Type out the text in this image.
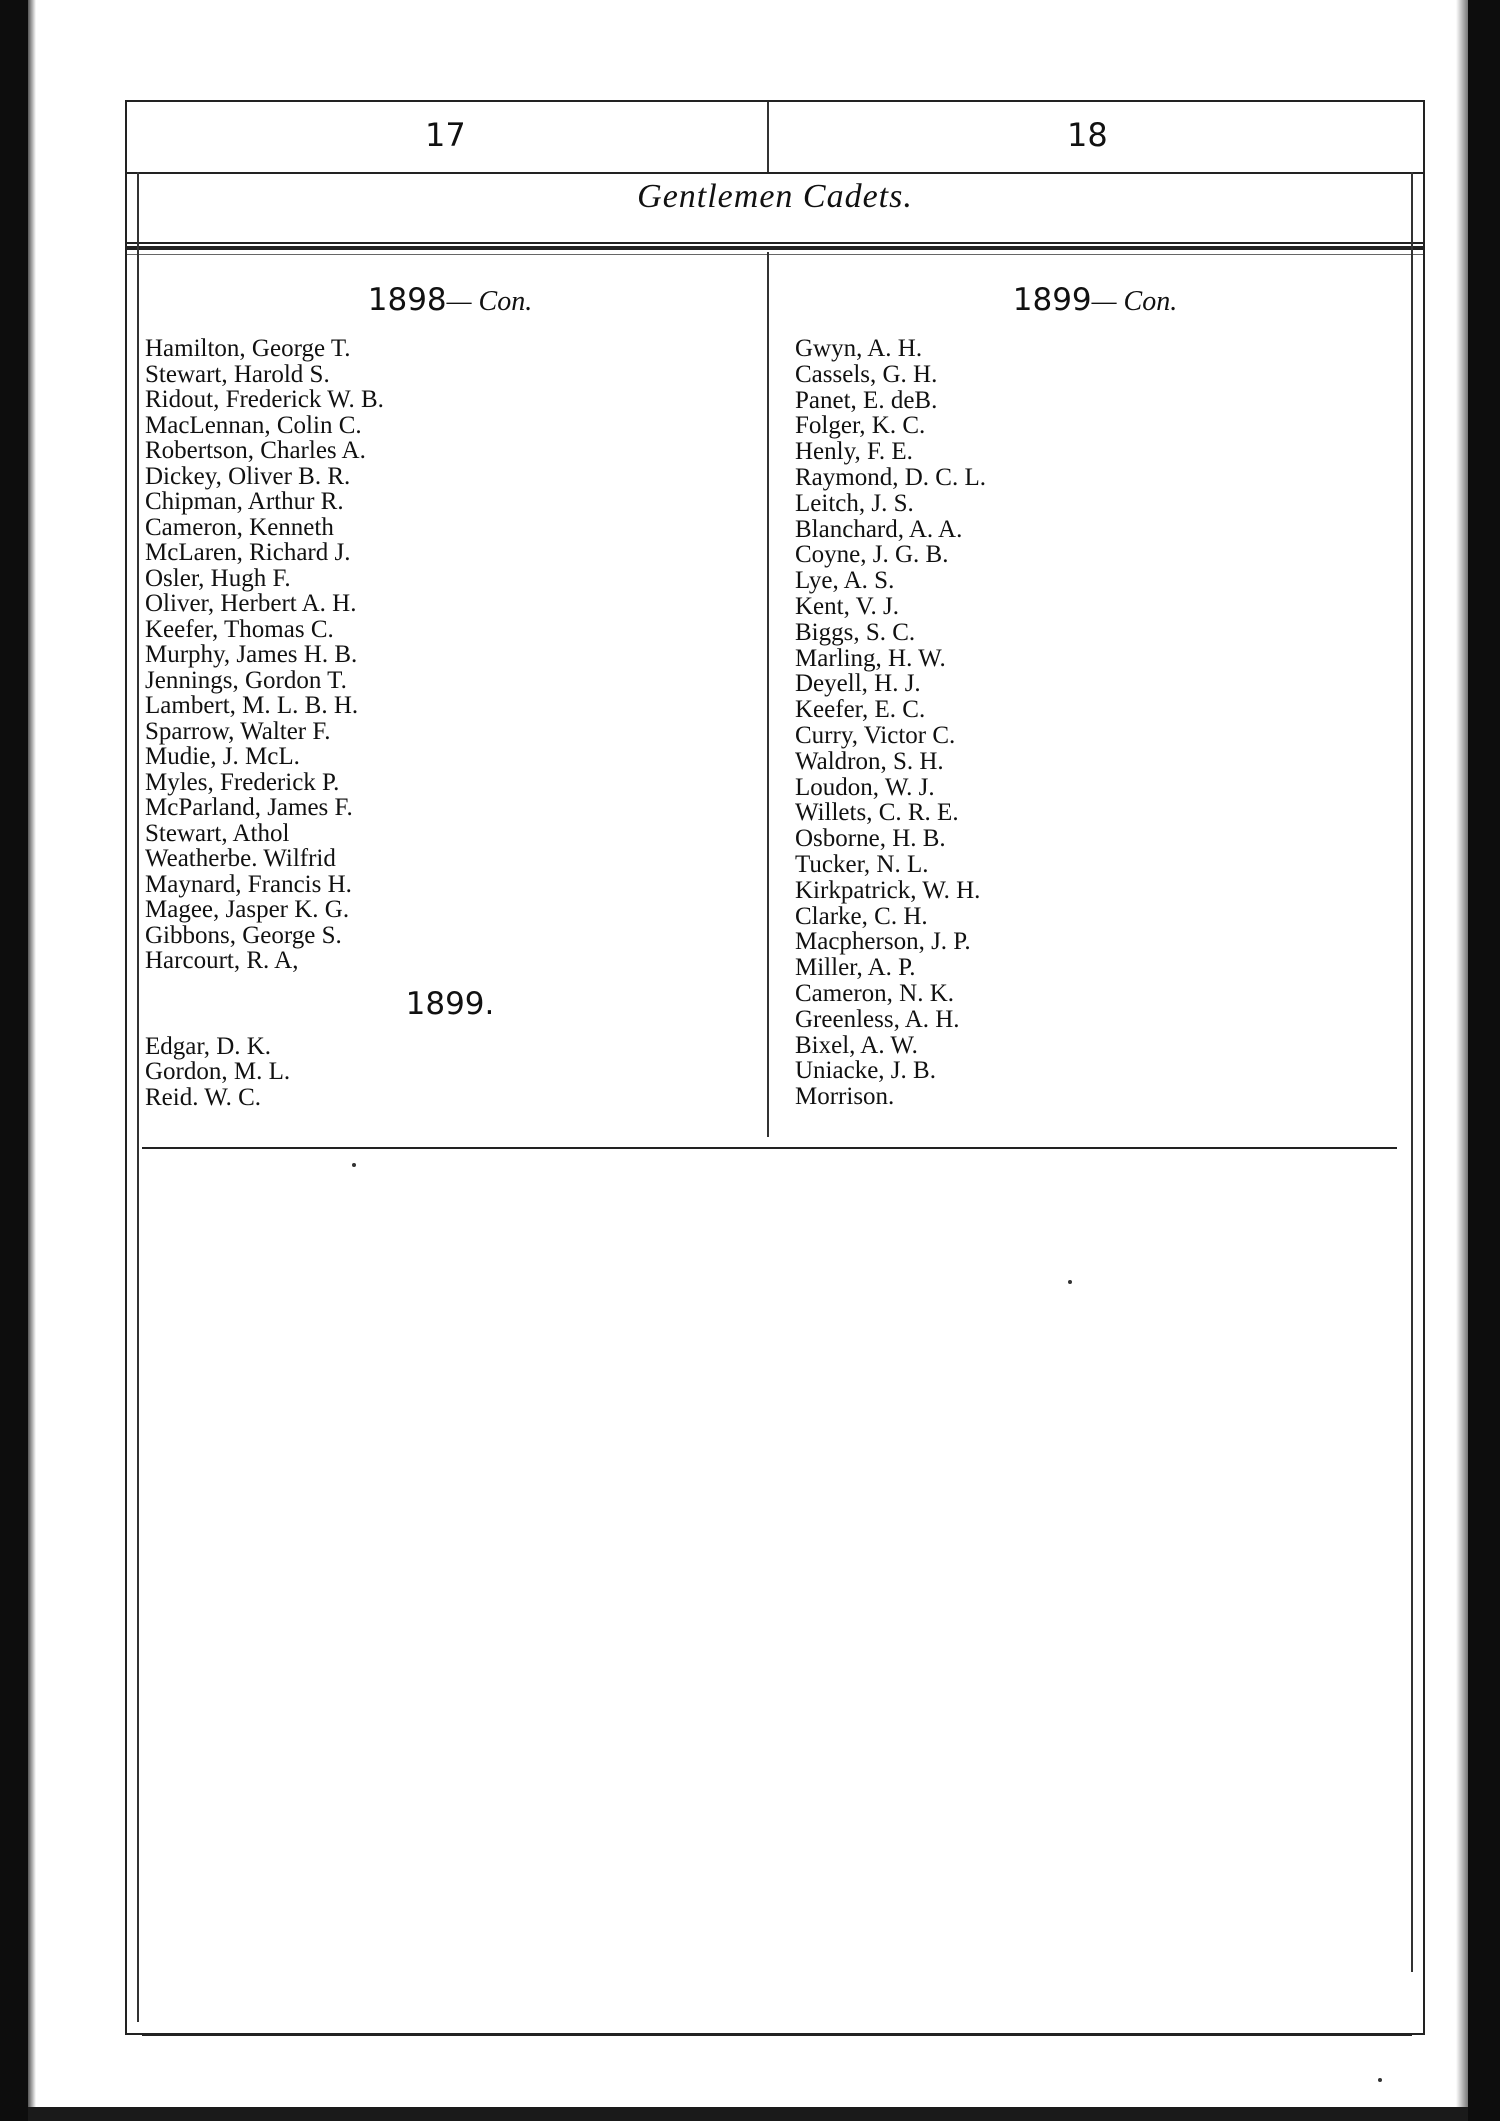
17	18
Gentlemen Cadets.
1898— Con.
Hamilton, George T.
Stewart, Harold S.
Ridout, Frederick W. B.
MacLennan, Colin C.
Robertson, Charles A.
Dickey, Oliver B. R.
Chipman, Arthur R.
Cameron, Kenneth
McLaren, Richard J.
Osler, Hugh F.
Oliver, Herbert A. H.
Keefer, Thomas C.
Murphy, James H. B.
Jennings, Gordon T.
Lambert, M. L. B. H.
Sparrow, Walter F.
Mudie, J. McL.
Myles, Frederick P.
McParland, James F.
Stewart, Athol
Weatherbe. Wilfrid
Maynard, Francis H.
Magee, Jasper K. G.
Gibbons, George S.
Harcourt, R. A,
1899.
Edgar, D. K.
Gordon, M. L.
Reid. W. C.
1899— Con.
Gwyn, A. H.
Cassels, G. H.
Panet, E. deB.
Folger, K. C.
Henly, F. E.
Raymond, D. C. L.
Leitch, J. S.
Blanchard, A. A.
Coyne, J. G. B.
Lye, A. S.
Kent, V. J.
Biggs, S. C.
Marling, H. W.
Deyell, H. J.
Keefer, E. C.
Curry, Victor C.
Waldron, S. H.
Loudon, W. J.
Willets, C. R. E.
Osborne, H. B.
Tucker, N. L.
Kirkpatrick, W. H.
Clarke, C. H.
Macpherson, J. P.
Miller, A. P.
Cameron, N. K.
Greenless, A. H.
Bixel, A. W.
Uniacke, J. B.
Morrison.
